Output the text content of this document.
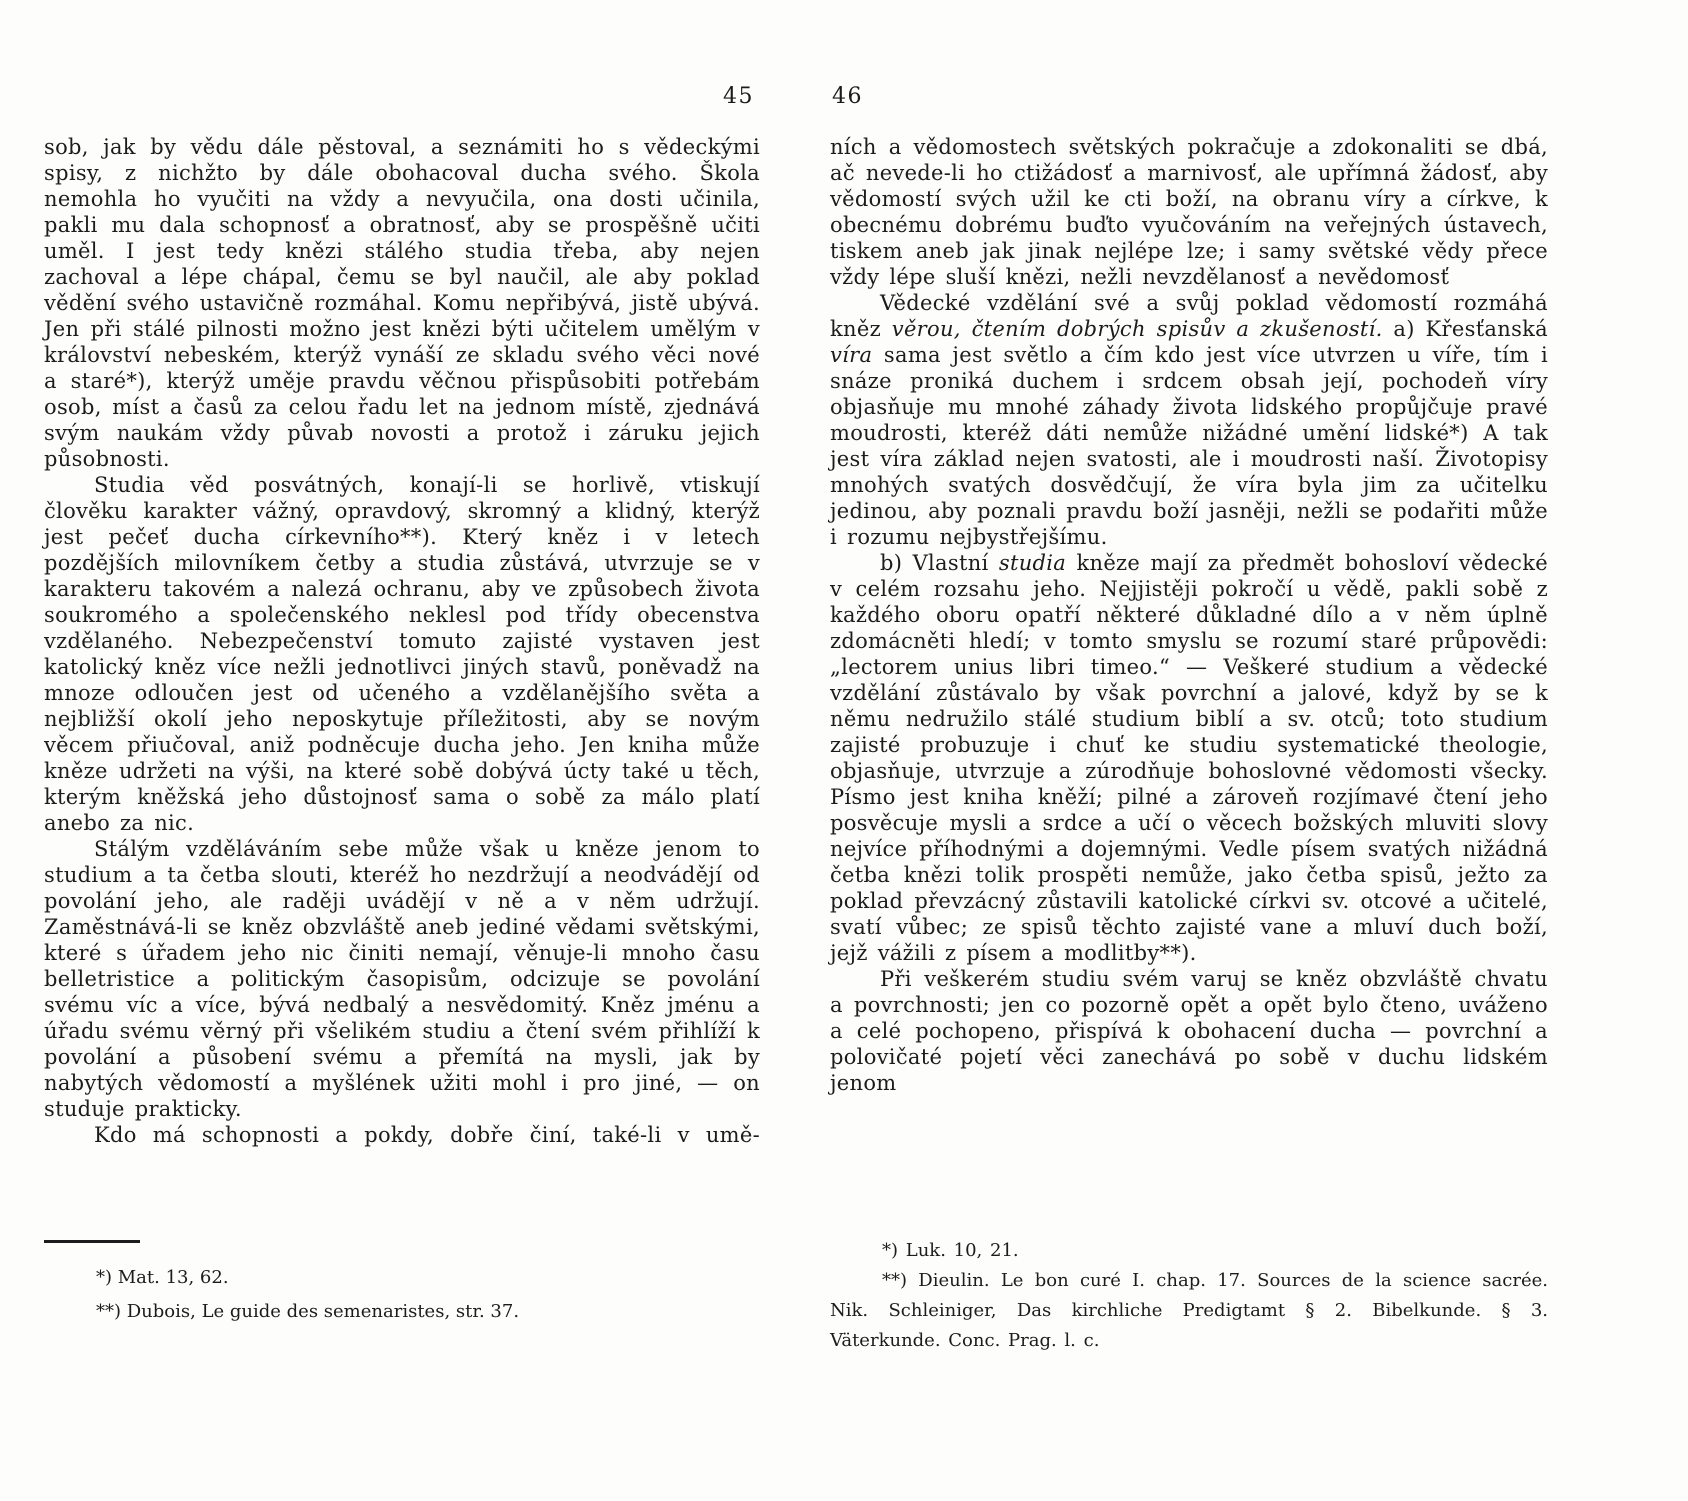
45

sob, jak by vědu dále pěstoval, a seznámiti ho s vědeckými spisy, z nichžto by dále obohacoval ducha svého. Škola nemohla ho vyučiti na vždy a nevyučila, ona dosti učinila, pakli mu dala schopnosť a obratnosť, aby se prospěšně učiti uměl. I jest tedy knězi stálého studia třeba, aby nejen zachoval a lépe chápal, čemu se byl naučil, ale aby poklad vědění svého ustavičně rozmáhal. Komu nepřibývá, jistě ubývá. Jen při stálé pilnosti možno jest knězi býti učitelem umělým v království nebeském, kterýž vynáší ze skladu svého věci nové a staré*), kterýž uměje pravdu věčnou přispůsobiti potřebám osob, míst a časů za celou řadu let na jednom místě, zjednává svým naukám vždy půvab novosti a protož i záruku jejich působnosti.

Studia věd posvátných, konají-li se horlivě, vtiskují člověku karakter vážný, opravdový, skromný a klidný, kterýž jest pečeť ducha církevního**). Který kněz i v letech pozdějších milovníkem četby a studia zůstává, utvrzuje se v karakteru takovém a nalezá ochranu, aby ve způsobech života soukromého a společenského neklesl pod třídy obecenstva vzdělaného. Nebezpečenství tomuto zajisté vystaven jest katolický kněz více nežli jednotlivci jiných stavů, poněvadž na mnoze odloučen jest od učeného a vzdělanějšího světa a nejbližší okolí jeho neposkytuje příležitosti, aby se novým věcem přiučoval, aniž podněcuje ducha jeho. Jen kniha může kněze udržeti na výši, na které sobě dobývá úcty také u těch, kterým kněžská jeho důstojnosť sama o sobě za málo platí anebo za nic.

Stálým vzděláváním sebe může však u kněze jenom to studium a ta četba slouti, kteréž ho nezdržují a neodvádějí od povolání jeho, ale raději uvádějí v ně a v něm udržují. Zaměstnává-li se kněz obzvláště aneb jediné vědami světskými, které s úřadem jeho nic činiti nemají, věnuje-li mnoho času belletristice a politickým časopisům, odcizuje se povolání svému víc a více, bývá nedbalý a nesvědomitý. Kněz jménu a úřadu svému věrný při všelikém studiu a čtení svém přihlíží k povolání a působení svému a přemítá na mysli, jak by nabytých vědomostí a myšlének užiti mohl i pro jiné, — on studuje prakticky.

Kdo má schopnosti a pokdy, dobře činí, také-li v umě-

*) Mat. 13, 62.
**) Dubois, Le guide des semenaristes, str. 37.
46

ních a vědomostech světských pokračuje a zdokonaliti se dbá, ač nevede-li ho ctižádosť a marnivosť, ale upřímná žádosť, aby vědomostí svých užil ke cti boží, na obranu víry a církve, k obecnému dobrému buďto vyučováním na veřejných ústavech, tiskem aneb jak jinak nejlépe lze; i samy světské vědy přece vždy lépe sluší knězi, nežli nevzdělanosť a nevědomosť

Vědecké vzdělání své a svůj poklad vědomostí rozmáhá kněz věrou, čtením dobrých spisův a zkušeností. a) Křesťanská víra sama jest světlo a čím kdo jest více utvrzen u víře, tím i snáze proniká duchem i srdcem obsah její, pochodeň víry objasňuje mu mnohé záhady života lidského propůjčuje pravé moudrosti, kteréž dáti nemůže nižádné umění lidské*) A tak jest víra základ nejen svatosti, ale i moudrosti naší. Životopisy mnohých svatých dosvědčují, že víra byla jim za učitelku jedinou, aby poznali pravdu boží jasněji, nežli se podařiti může i rozumu nejbystřejšímu.

b) Vlastní studia kněze mají za předmět bohosloví vědecké v celém rozsahu jeho. Nejjistěji pokročí u vědě, pakli sobě z každého oboru opatří některé důkladné dílo a v něm úplně zdomácněti hledí; v tomto smyslu se rozumí staré průpovědi: „lectorem unius libri timeo.“ — Veškeré studium a vědecké vzdělání zůstávalo by však povrchní a jalové, když by se k němu nedružilo stálé studium biblí a sv. otců; toto studium zajisté probuzuje i chuť ke studiu systematické theologie, objasňuje, utvrzuje a zúrodňuje bohoslovné vědomosti všecky. Písmo jest kniha kněží; pilné a zároveň rozjímavé čtení jeho posvěcuje mysli a srdce a učí o věcech božských mluviti slovy nejvíce příhodnými a dojemnými. Vedle písem svatých nižádná četba knězi tolik prospěti nemůže, jako četba spisů, ježto za poklad převzácný zůstavili katolické církvi sv. otcové a učitelé, svatí vůbec; ze spisů těchto zajisté vane a mluví duch boží, jejž vážili z písem a modlitby**).

Při veškerém studiu svém varuj se kněz obzvláště chvatu a povrchnosti; jen co pozorně opět a opět bylo čteno, uváženo a celé pochopeno, přispívá k obohacení ducha — povrchní a polovičaté pojetí věci zanechává po sobě v duchu lidském jenom

*) Luk. 10, 21.
**) Dieulin. Le bon curé I. chap. 17. Sources de la science sacrée. Nik. Schleiniger, Das kirchliche Predigtamt § 2. Bibelkunde. § 3. Väterkunde. Conc. Prag. l. c.
